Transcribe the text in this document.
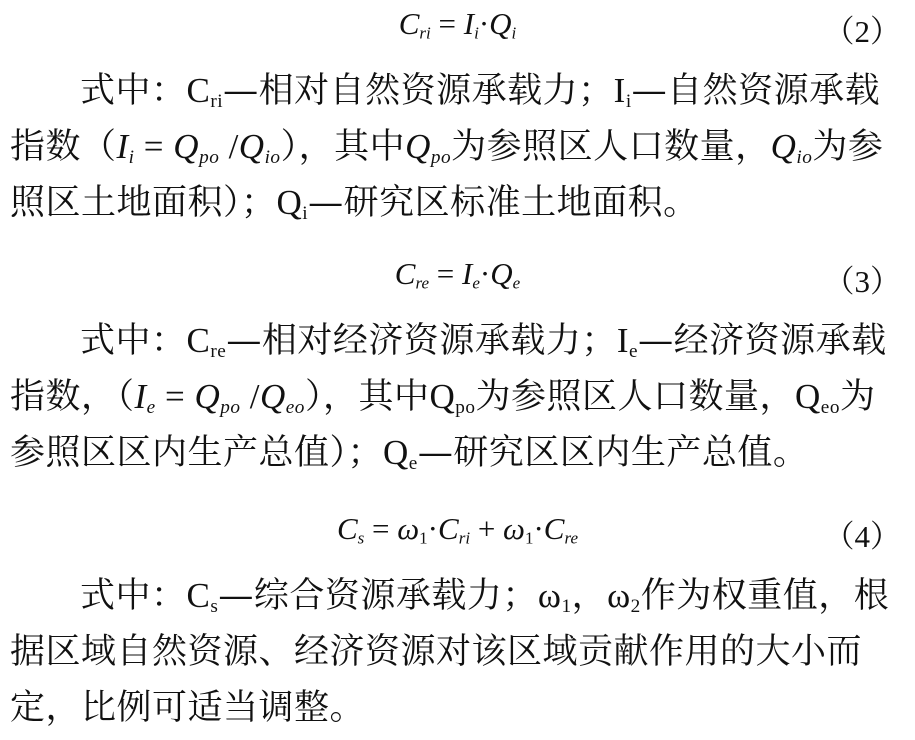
$C_{ri} = I_i\cdot Q_i$	（2）
式中：$C_{ri}—$相对自然资源承载力；$I_i—$自然资源承载指数（$I_i = Q_{po}$ $/Q_{io}$），其中$Q_{po}$为参照区人口数量，$Q_{io}$为参照区土地面积）；$Q_i—$研究区标准土地面积。
$C_{re} = I_e\cdot Q_e$	（3）
式中：$C_{re}—$相对经济资源承载力；$I_e—$经济资源承载指数，（$I_e = Q_{po}$ $/Q_{eo}$），其中$Q_{po}$为参照区人口数量，$Q_{eo}$为参照区区内生产总值）；$Q_e—$研究区区内生产总值。
$C_s = \omega_1\cdot C_{ri} + \omega_1\cdot C_{re}$	（4）
式中：$C_s—$综合资源承载力；$\omega_1$，$\omega_2$作为权重值，根据区域自然资源、经济资源对该区域贡献作用的大小而定，比例可适当调整。
